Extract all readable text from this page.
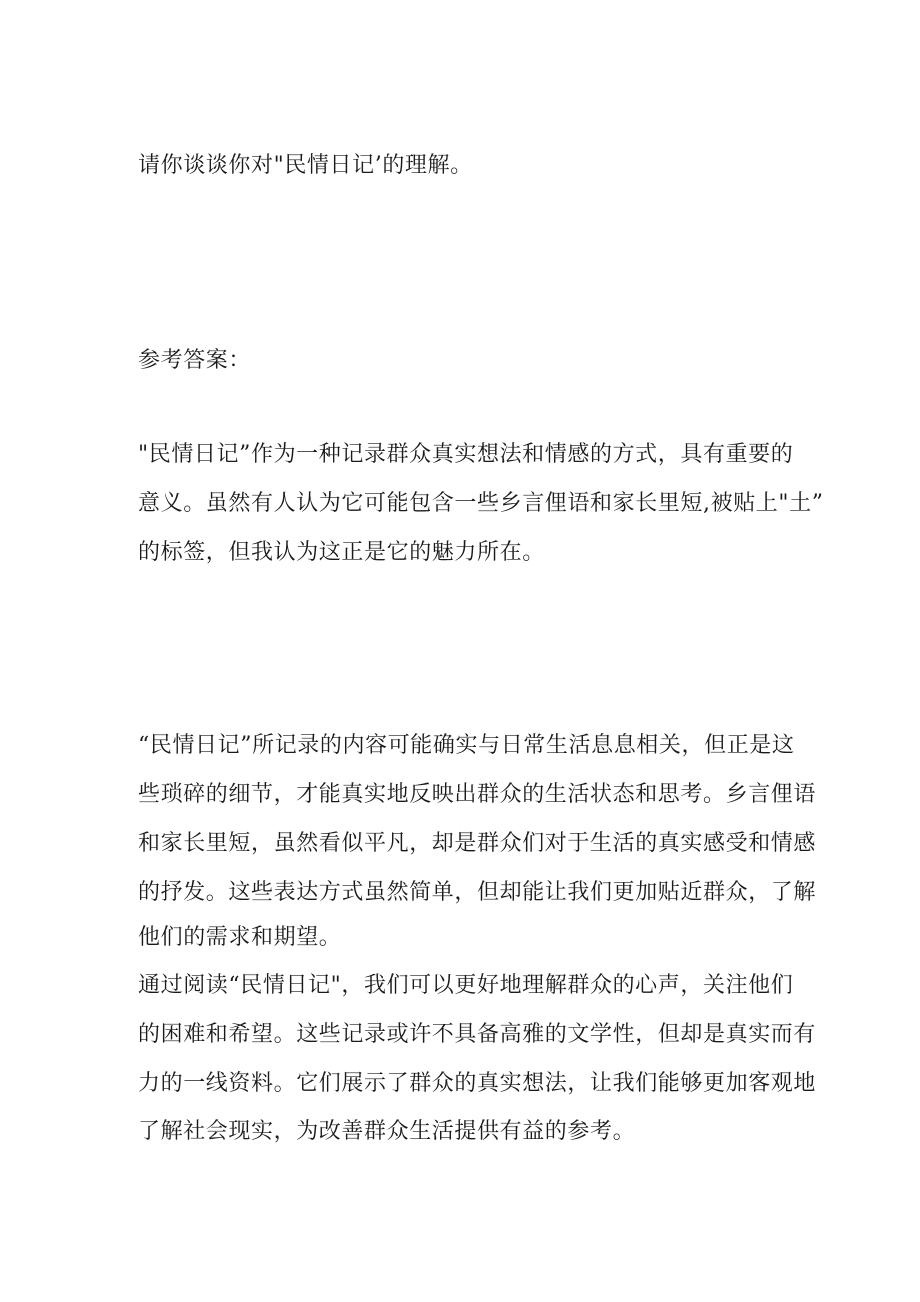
请你谈谈你对"民情日记’的理解。
参考答案：
"民情日记”作为一种记录群众真实想法和情感的方式，具有重要的
意义。虽然有人认为它可能包含一些乡言俚语和家长里短,被贴上"土”
的标签，但我认为这正是它的魅力所在。
“民情日记”所记录的内容可能确实与日常生活息息相关，但正是这
些琐碎的细节，才能真实地反映出群众的生活状态和思考。乡言俚语
和家长里短，虽然看似平凡，却是群众们对于生活的真实感受和情感
的抒发。这些表达方式虽然简单，但却能让我们更加贴近群众，了解
他们的需求和期望。
通过阅读“民情日记"，我们可以更好地理解群众的心声，关注他们
的困难和希望。这些记录或许不具备高雅的文学性，但却是真实而有
力的一线资料。它们展示了群众的真实想法，让我们能够更加客观地
了解社会现实，为改善群众生活提供有益的参考。
